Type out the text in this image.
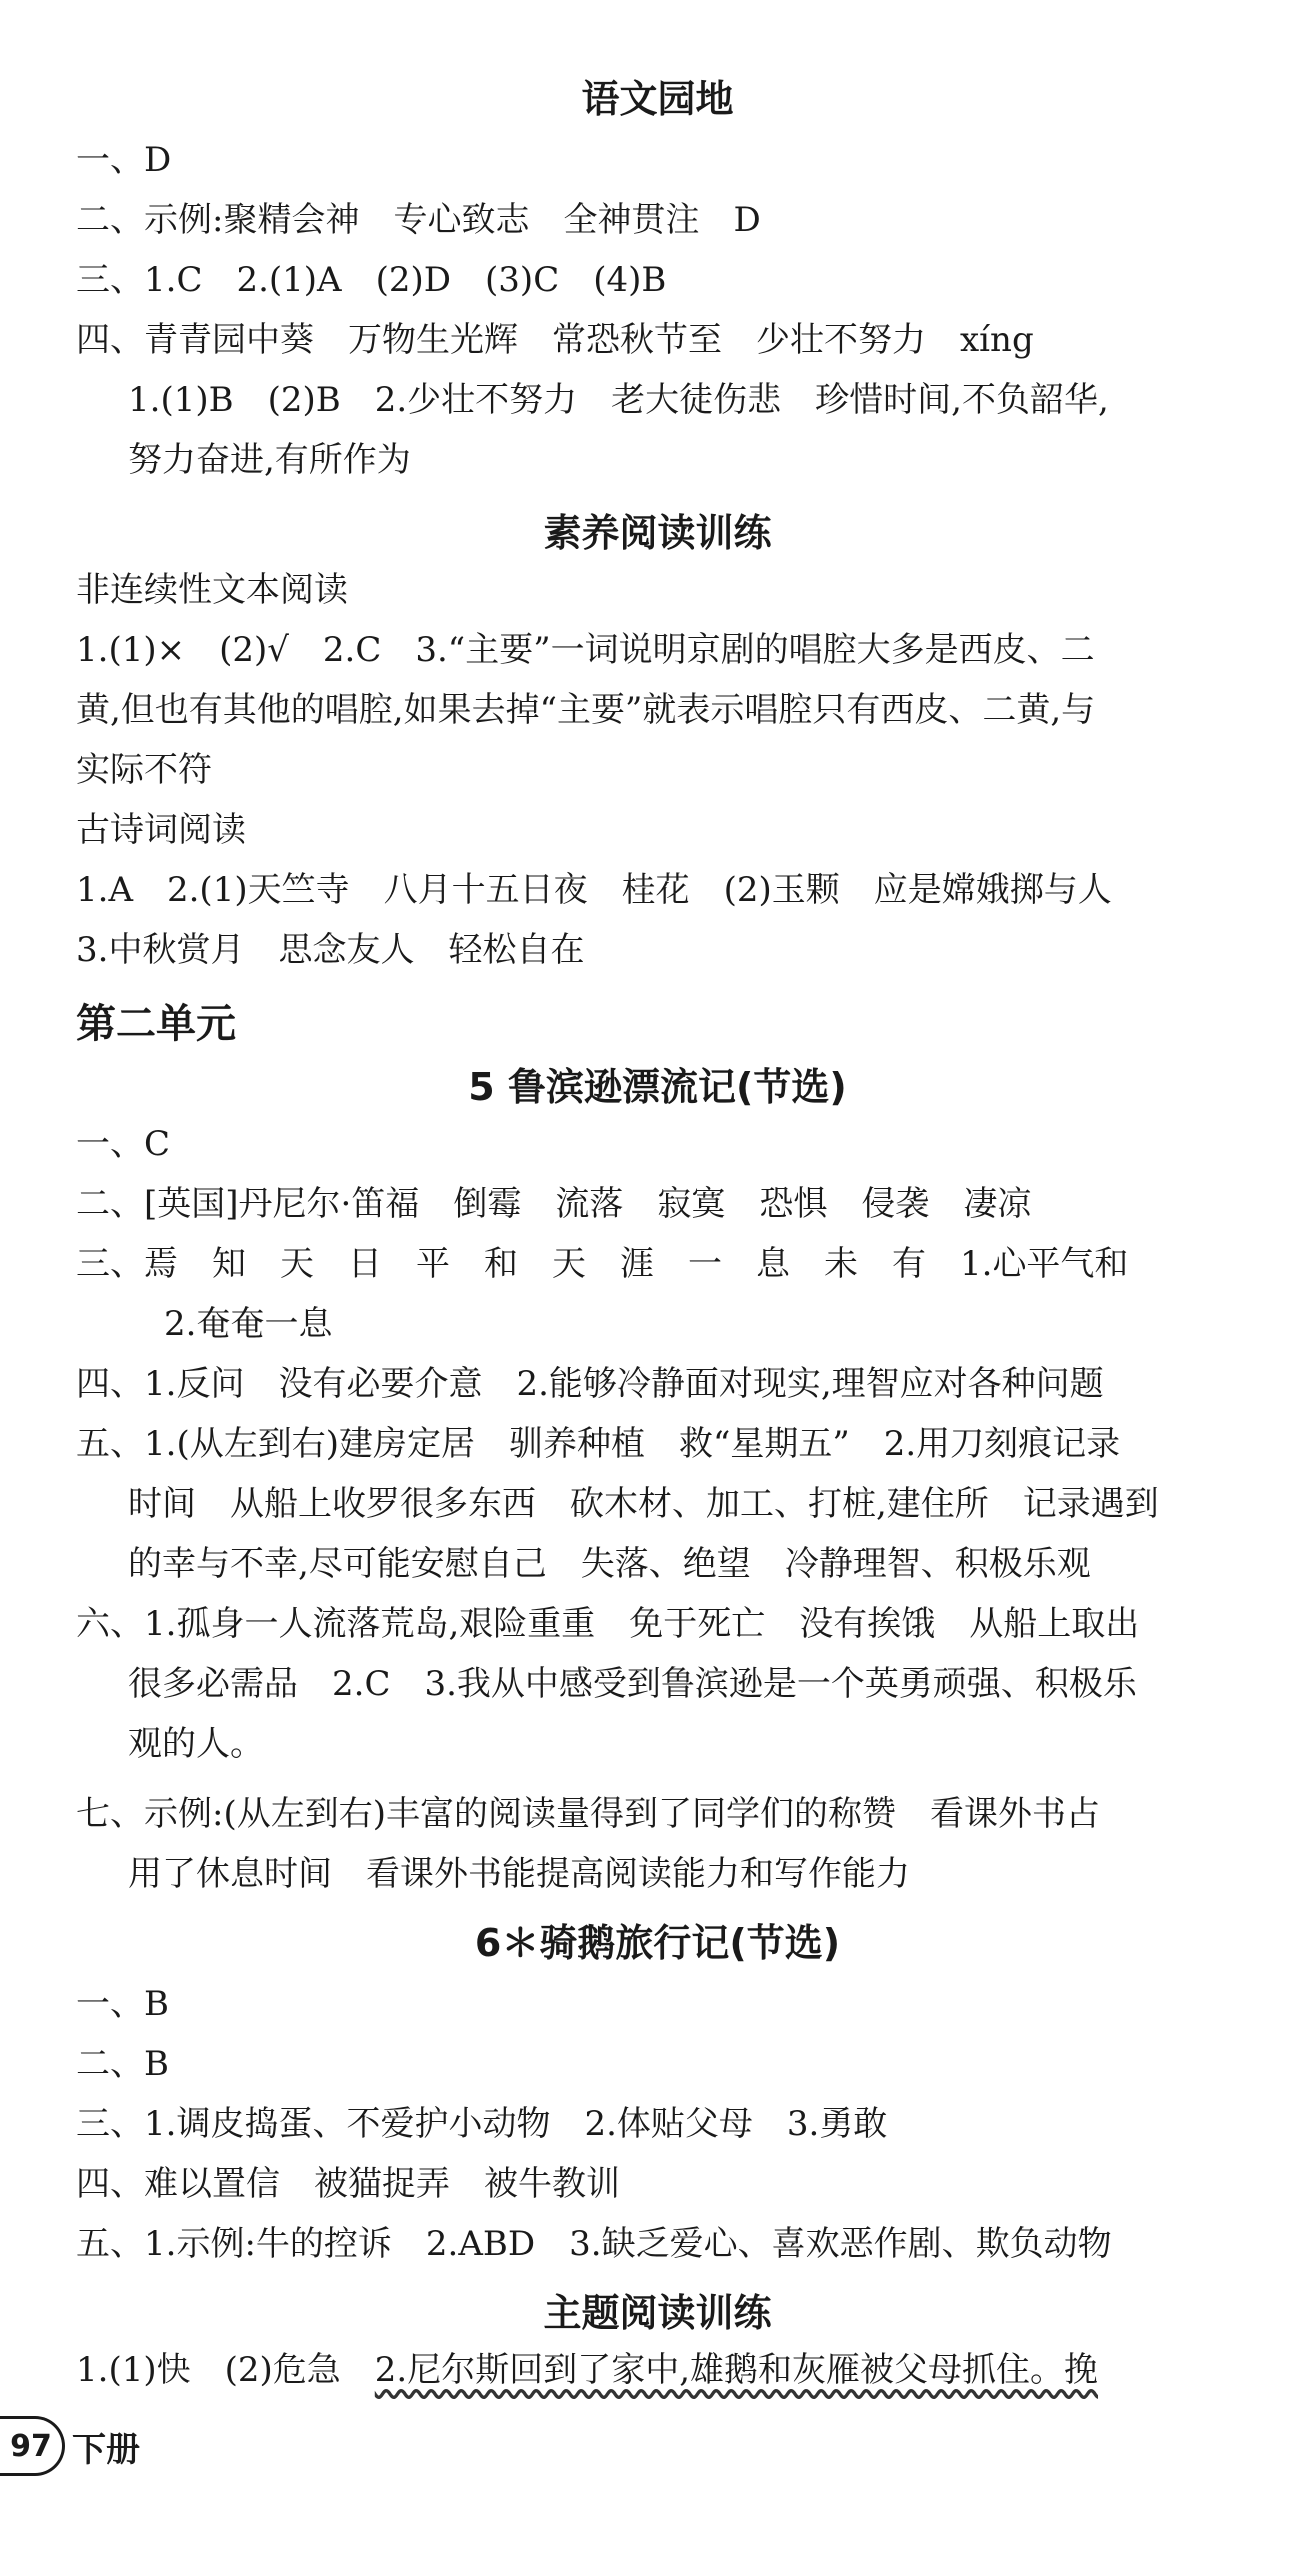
语文园地
一、D
二、示例:聚精会神　专心致志　全神贯注　D
三、1.C　2.(1)A　(2)D　(3)C　(4)B
四、青青园中葵　万物生光辉　常恐秋节至　少壮不努力　xíng
1.(1)B　(2)B　2.少壮不努力　老大徒伤悲　珍惜时间,不负韶华,
努力奋进,有所作为
素养阅读训练
非连续性文本阅读
1.(1)×　(2)√　2.C　3.“主要”一词说明京剧的唱腔大多是西皮、二
黄,但也有其他的唱腔,如果去掉“主要”就表示唱腔只有西皮、二黄,与
实际不符
古诗词阅读
1.A　2.(1)天竺寺　八月十五日夜　桂花　(2)玉颗　应是嫦娥掷与人
3.中秋赏月　思念友人　轻松自在
第二单元
5 鲁滨逊漂流记(节选)
一、C
二、[英国]丹尼尔·笛福　倒霉　流落　寂寞　恐惧　侵袭　凄凉
三、焉　知　天　日　平　和　天　涯　一　息　未　有　1.心平气和
2.奄奄一息
四、1.反问　没有必要介意　2.能够冷静面对现实,理智应对各种问题
五、1.(从左到右)建房定居　驯养种植　救“星期五”　2.用刀刻痕记录
时间　从船上收罗很多东西　砍木材、加工、打桩,建住所　记录遇到
的幸与不幸,尽可能安慰自己　失落、绝望　冷静理智、积极乐观
六、1.孤身一人流落荒岛,艰险重重　免于死亡　没有挨饿　从船上取出
很多必需品　2.C　3.我从中感受到鲁滨逊是一个英勇顽强、积极乐
观的人。
七、示例:(从左到右)丰富的阅读量得到了同学们的称赞　看课外书占
用了休息时间　看课外书能提高阅读能力和写作能力
6＊骑鹅旅行记(节选)
一、B
二、B
三、1.调皮捣蛋、不爱护小动物　2.体贴父母　3.勇敢
四、难以置信　被猫捉弄　被牛教训
五、1.示例:牛的控诉　2.ABD　3.缺乏爱心、喜欢恶作剧、欺负动物
主题阅读训练
1.(1)快　(2)危急　2.尼尔斯回到了家中,雄鹅和灰雁被父母抓住。挽
97 下册
